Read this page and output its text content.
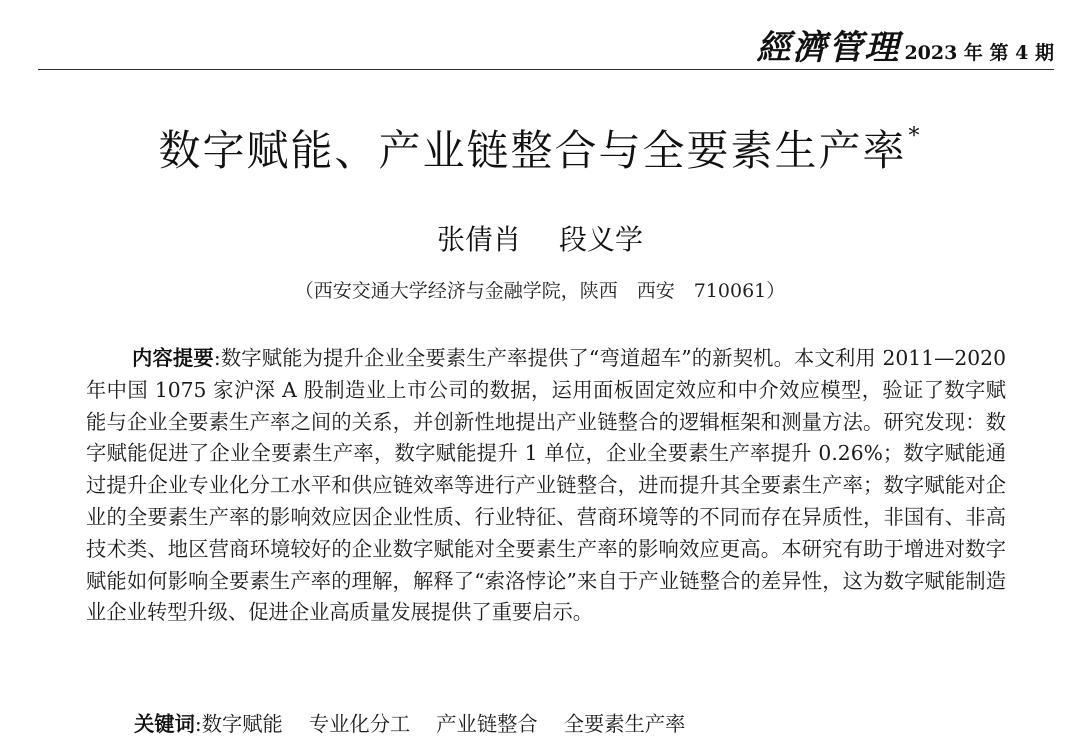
經濟管理 2023 年 第 4 期
数字赋能、产业链整合与全要素生产率*
张倩肖 段义学
（西安交通大学经济与金融学院，陕西　西安　710061）
内容提要:数字赋能为提升企业全要素生产率提供了“弯道超车”的新契机。本文利用 2011—2020 年中国 1075 家沪深 A 股制造业上市公司的数据，运用面板固定效应和中介效应模型，验证了数字赋能与企业全要素生产率之间的关系，并创新性地提出产业链整合的逻辑框架和测量方法。研究发现：数字赋能促进了企业全要素生产率，数字赋能提升 1 单位，企业全要素生产率提升 0.26%；数字赋能通过提升企业专业化分工水平和供应链效率等进行产业链整合，进而提升其全要素生产率；数字赋能对企业的全要素生产率的影响效应因企业性质、行业特征、营商环境等的不同而存在异质性，非国有、非高技术类、地区营商环境较好的企业数字赋能对全要素生产率的影响效应更高。本研究有助于增进对数字赋能如何影响全要素生产率的理解，解释了“索洛悖论”来自于产业链整合的差异性，这为数字赋能制造业企业转型升级、促进企业高质量发展提供了重要启示。
关键词:数字赋能 专业化分工 产业链整合 全要素生产率
